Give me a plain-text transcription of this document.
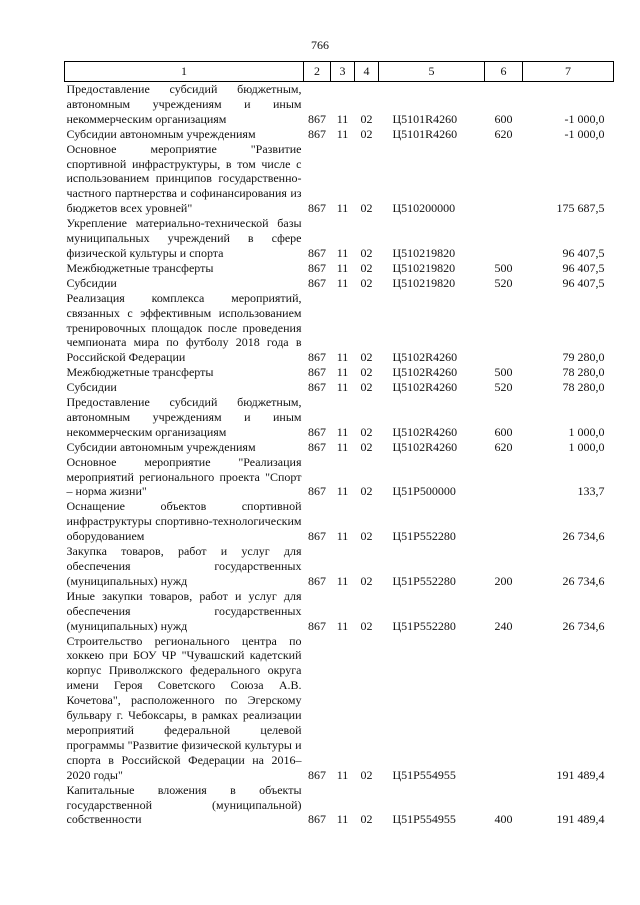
766
1	2	3	4	5	6	7
Предоставление субсидий бюджетным, автономным учреждениям и иным некоммерческим организациям	867	11	02	Ц5101R4260	600	-1 000,0
Субсидии автономным учреждениям	867	11	02	Ц5101R4260	620	-1 000,0
Основное мероприятие "Развитие спортивной инфраструктуры, в том числе с использованием принципов государственно-частного партнерства и софинансирования из бюджетов всех уровней"	867	11	02	Ц510200000		175 687,5
Укрепление материально-технической базы муниципальных учреждений в сфере физической культуры и спорта	867	11	02	Ц510219820		96 407,5
Межбюджетные трансферты	867	11	02	Ц510219820	500	96 407,5
Субсидии	867	11	02	Ц510219820	520	96 407,5
Реализация комплекса мероприятий, связанных с эффективным использованием тренировочных площадок после проведения чемпионата мира по футболу 2018 года в Российской Федерации	867	11	02	Ц5102R4260		79 280,0
Межбюджетные трансферты	867	11	02	Ц5102R4260	500	78 280,0
Субсидии	867	11	02	Ц5102R4260	520	78 280,0
Предоставление субсидий бюджетным, автономным учреждениям и иным некоммерческим организациям	867	11	02	Ц5102R4260	600	1 000,0
Субсидии автономным учреждениям	867	11	02	Ц5102R4260	620	1 000,0
Основное мероприятие "Реализация мероприятий регионального проекта "Спорт – норма жизни"	867	11	02	Ц51Р500000		133,7
Оснащение объектов спортивной инфраструктуры спортивно-технологическим оборудованием	867	11	02	Ц51Р552280		26 734,6
Закупка товаров, работ и услуг для обеспечения государственных (муниципальных) нужд	867	11	02	Ц51Р552280	200	26 734,6
Иные закупки товаров, работ и услуг для обеспечения государственных (муниципальных) нужд	867	11	02	Ц51Р552280	240	26 734,6
Строительство регионального центра по хоккею при БОУ ЧР "Чувашский кадетский корпус Приволжского федерального округа имени Героя Советского Союза А.В. Кочетова", расположенного по Эгерскому бульвару г. Чебоксары, в рамках реализации мероприятий федеральной целевой программы "Развитие физической культуры и спорта в Российской Федерации на 2016–2020 годы"	867	11	02	Ц51Р554955		191 489,4
Капитальные вложения в объекты государственной (муниципальной) собственности	867	11	02	Ц51Р554955	400	191 489,4
